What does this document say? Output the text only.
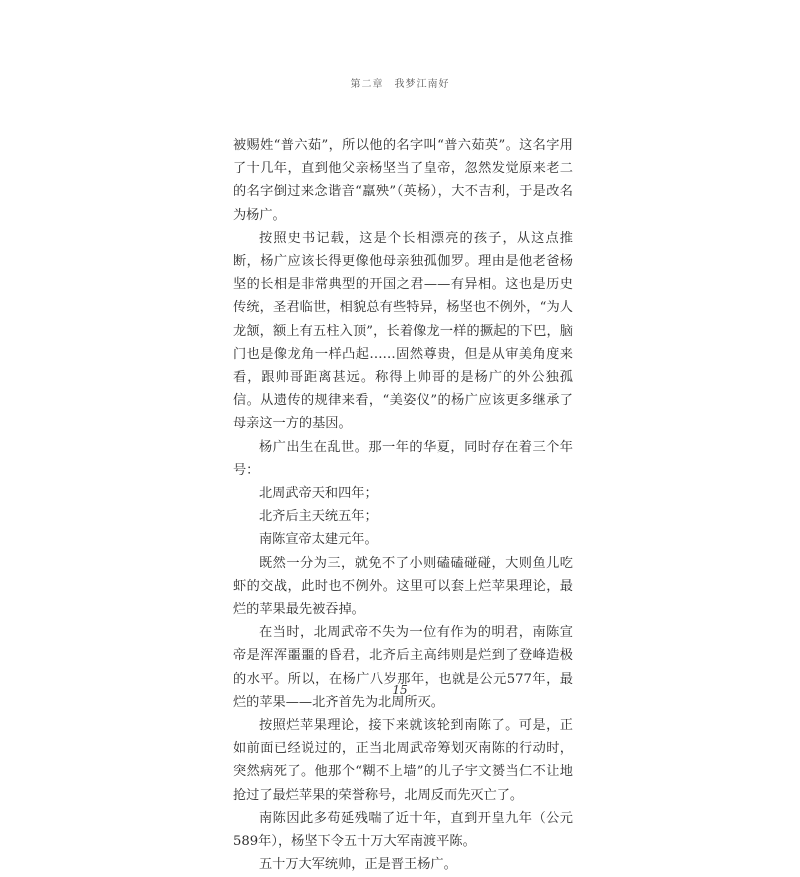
第二章　我梦江南好

被赐姓“普六茹”，所以他的名字叫“普六茹英”。这名字用了十几年，直到他父亲杨坚当了皇帝，忽然发觉原来老二的名字倒过来念谐音“羸殃”（英杨），大不吉利，于是改名为杨广。

按照史书记载，这是个长相漂亮的孩子，从这点推断，杨广应该长得更像他母亲独孤伽罗。理由是他老爸杨坚的长相是非常典型的开国之君——有异相。这也是历史传统，圣君临世，相貌总有些特异，杨坚也不例外，“为人龙颔，额上有五柱入顶”，长着像龙一样的撅起的下巴，脑门也是像龙角一样凸起……固然尊贵，但是从审美角度来看，跟帅哥距离甚远。称得上帅哥的是杨广的外公独孤信。从遗传的规律来看，“美姿仪”的杨广应该更多继承了母亲这一方的基因。

杨广出生在乱世。那一年的华夏，同时存在着三个年号：

北周武帝天和四年；

北齐后主天统五年；

南陈宣帝太建元年。

既然一分为三，就免不了小则磕磕碰碰，大则鱼儿吃虾的交战，此时也不例外。这里可以套上烂苹果理论，最烂的苹果最先被吞掉。

在当时，北周武帝不失为一位有作为的明君，南陈宣帝是浑浑噩噩的昏君，北齐后主高纬则是烂到了登峰造极的水平。所以，在杨广八岁那年，也就是公元577年，最烂的苹果——北齐首先为北周所灭。

按照烂苹果理论，接下来就该轮到南陈了。可是，正如前面已经说过的，正当北周武帝筹划灭南陈的行动时，突然病死了。他那个“糊不上墙”的儿子宇文赟当仁不让地抢过了最烂苹果的荣誉称号，北周反而先灭亡了。

南陈因此多苟延残喘了近十年，直到开皇九年（公元589年），杨坚下令五十万大军南渡平陈。

五十万大军统帅，正是晋王杨广。

15
